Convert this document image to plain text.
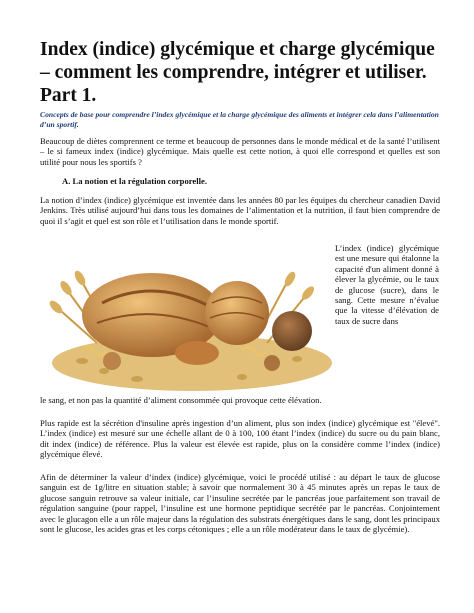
Index (indice) glycémique et charge glycémique – comment les comprendre, intégrer et utiliser. Part 1.

Concepts de base pour comprendre l’index glycémique et la charge glycémique des aliments et intégrer cela dans l’alimentation d’un sportif.

Beaucoup de diètes comprennent ce terme et beaucoup de personnes dans le monde médical et de la santé l’utilisent – le si fameux index (indice) glycémique. Mais quelle est cette notion, à quoi elle correspond et quelles est son utilité pour nous les sportifs ?

A. La notion et la régulation corporelle.

La notion d’index (indice) glycémique est inventée dans les années 80 par les équipes du chercheur canadien David Jenkins. Très utilisé aujourd’hui dans tous les domaines de l’alimentation et la nutrition, il faut bien comprendre de quoi il s’agit et quel est son rôle et l’utilisation dans le monde sportif.

L’index (indice) glycémique est une mesure qui étalonne la capacité d'un aliment donné à élever la glycémie, ou le taux de glucose (sucre), dans le sang. Cette mesure n’évalue que la vitesse d’élévation de taux de sucre dans

le sang, et non pas la quantité d’aliment consommée qui provoque cette élévation.

Plus rapide est la sécrétion d'insuline après ingestion d’un aliment, plus son index (indice) glycémique est "élevé". L’index (indice) est mesuré sur une échelle allant de 0 à 100, 100 étant l’index (indice) du sucre ou du pain blanc, dit index (indice) de référence. Plus la valeur est élevée est rapide, plus on la considère comme l’index (indice) glycémique élevé.

Afin de déterminer la valeur d’index (indice) glycémique, voici le procédé utilisé : au départ le taux de glucose sanguin est de 1g/litre en situation stable; à savoir que normalement 30 à 45 minutes après un repas le taux de glucose sanguin retrouve sa valeur initiale, car l’insuline secrétée par le pancréas joue parfaitement son travail de régulation sanguine (pour rappel, l’insuline est une hormone peptidique secrétée par le pancréas. Conjointement avec le glucagon elle a un rôle majeur dans la régulation des substrats énergétiques dans le sang, dont les principaux sont le glucose, les acides gras et les corps cétoniques ; elle a un rôle modérateur dans le taux de glycémie).
